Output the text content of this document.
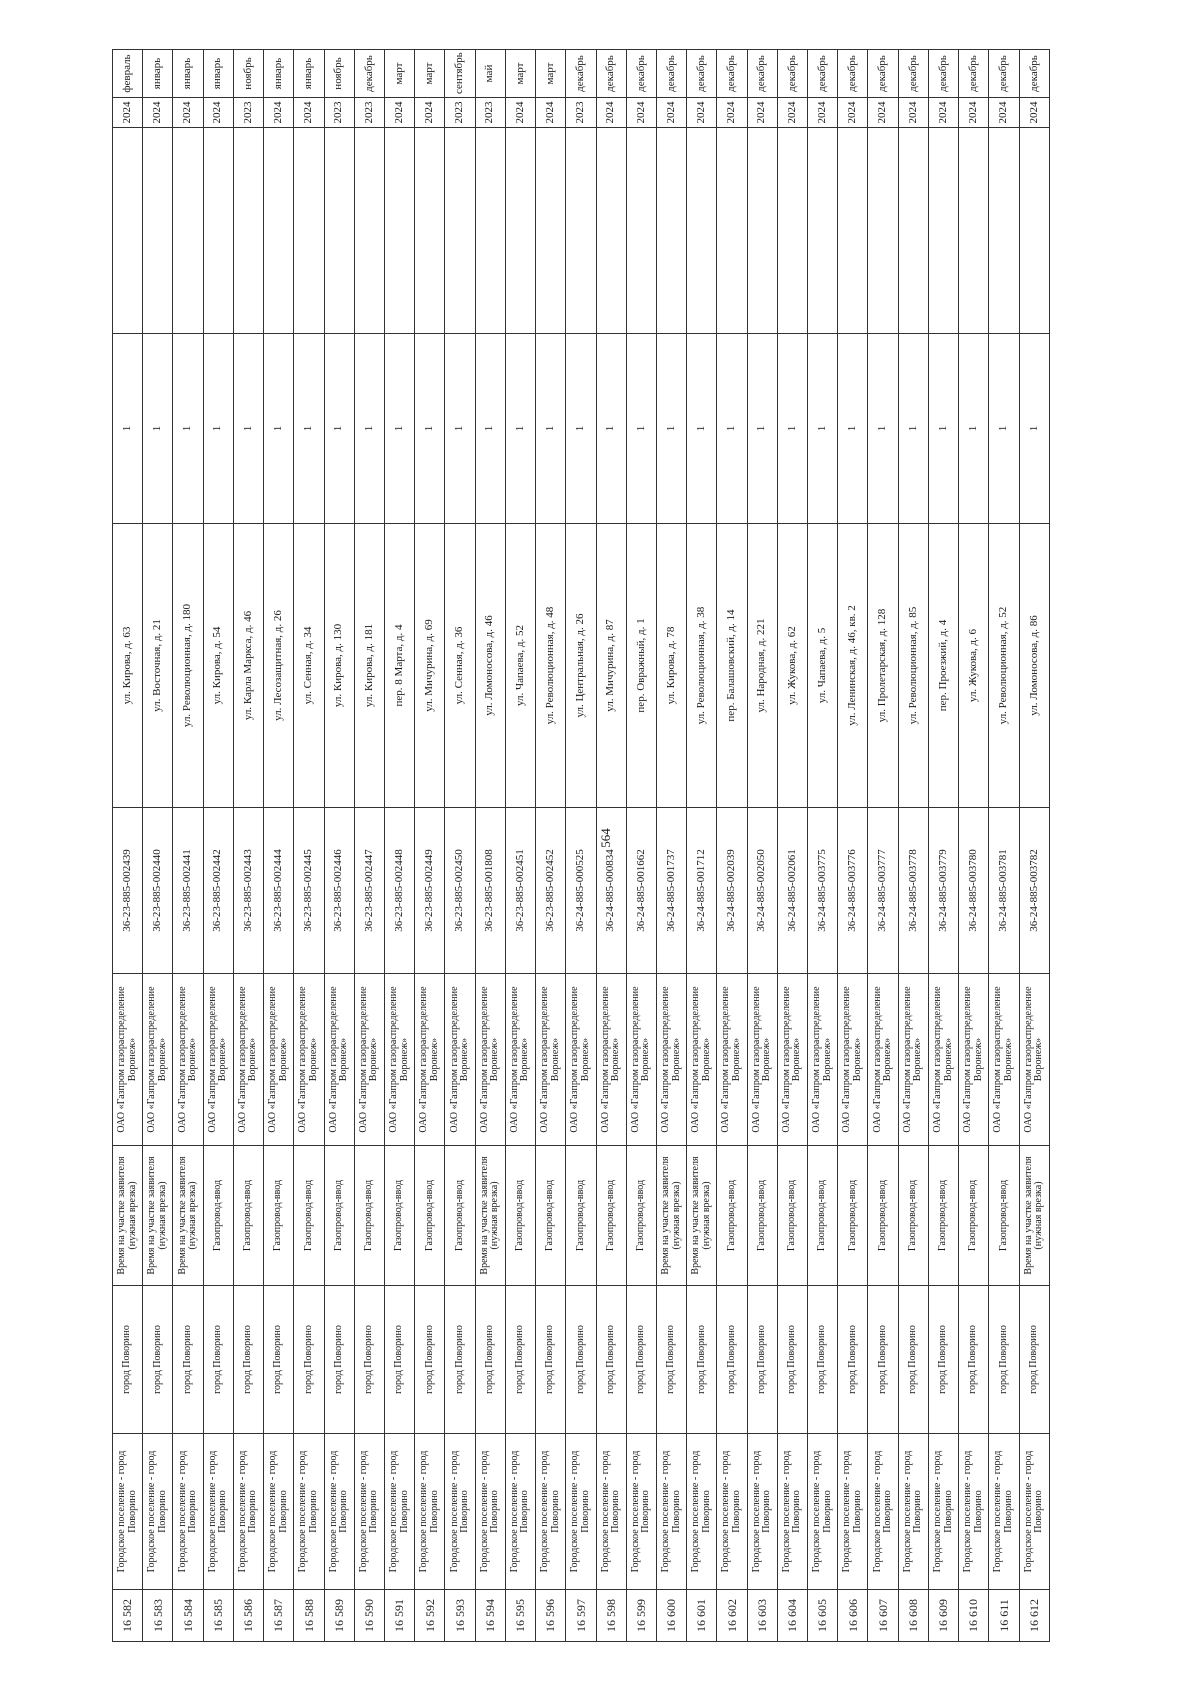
564
16 582	Городское поселение - город Поворино	город Поворино	Время на участке заявителя (нужная врезка)	ОАО «Газпром газораспределение Воронеж»	36-23-885-002439	ул. Кирова, д. 63	1		2024	февраль
16 583	Городское поселение - город Поворино	город Поворино	Время на участке заявителя (нужная врезка)	ОАО «Газпром газораспределение Воронеж»	36-23-885-002440	ул. Восточная, д. 21	1		2024	январь
16 584	Городское поселение - город Поворино	город Поворино	Время на участке заявителя (нужная врезка)	ОАО «Газпром газораспределение Воронеж»	36-23-885-002441	ул. Революционная, д. 180	1		2024	январь
16 585	Городское поселение - город Поворино	город Поворино	Газопровод-ввод	ОАО «Газпром газораспределение Воронеж»	36-23-885-002442	ул. Кирова, д. 54	1		2024	январь
16 586	Городское поселение - город Поворино	город Поворино	Газопровод-ввод	ОАО «Газпром газораспределение Воронеж»	36-23-885-002443	ул. Карла Маркса, д. 46	1		2023	ноябрь
16 587	Городское поселение - город Поворино	город Поворино	Газопровод-ввод	ОАО «Газпром газораспределение Воронеж»	36-23-885-002444	ул. Лесозащитная, д. 26	1		2024	январь
16 588	Городское поселение - город Поворино	город Поворино	Газопровод-ввод	ОАО «Газпром газораспределение Воронеж»	36-23-885-002445	ул. Сенная, д. 34	1		2024	январь
16 589	Городское поселение - город Поворино	город Поворино	Газопровод-ввод	ОАО «Газпром газораспределение Воронеж»	36-23-885-002446	ул. Кирова, д. 130	1		2023	ноябрь
16 590	Городское поселение - город Поворино	город Поворино	Газопровод-ввод	ОАО «Газпром газораспределение Воронеж»	36-23-885-002447	ул. Кирова, д. 181	1		2023	декабрь
16 591	Городское поселение - город Поворино	город Поворино	Газопровод-ввод	ОАО «Газпром газораспределение Воронеж»	36-23-885-002448	пер. 8 Марта, д. 4	1		2024	март
16 592	Городское поселение - город Поворино	город Поворино	Газопровод-ввод	ОАО «Газпром газораспределение Воронеж»	36-23-885-002449	ул. Мичурина, д. 69	1		2024	март
16 593	Городское поселение - город Поворино	город Поворино	Газопровод-ввод	ОАО «Газпром газораспределение Воронеж»	36-23-885-002450	ул. Сенная, д. 36	1		2023	сентябрь
16 594	Городское поселение - город Поворино	город Поворино	Время на участке заявителя (нужная врезка)	ОАО «Газпром газораспределение Воронеж»	36-23-885-001808	ул. Ломоносова, д. 46	1		2023	май
16 595	Городское поселение - город Поворино	город Поворино	Газопровод-ввод	ОАО «Газпром газораспределение Воронеж»	36-23-885-002451	ул. Чапаева, д. 52	1		2024	март
16 596	Городское поселение - город Поворино	город Поворино	Газопровод-ввод	ОАО «Газпром газораспределение Воронеж»	36-23-885-002452	ул. Революционная, д. 48	1		2024	март
16 597	Городское поселение - город Поворино	город Поворино	Газопровод-ввод	ОАО «Газпром газораспределение Воронеж»	36-24-885-000525	ул. Центральная, д. 26	1		2023	декабрь
16 598	Городское поселение - город Поворино	город Поворино	Газопровод-ввод	ОАО «Газпром газораспределение Воронеж»	36-24-885-000834	ул. Мичурина, д. 87	1		2024	декабрь
16 599	Городское поселение - город Поворино	город Поворино	Газопровод-ввод	ОАО «Газпром газораспределение Воронеж»	36-24-885-001662	пер. Овражный, д. 1	1		2024	декабрь
16 600	Городское поселение - город Поворино	город Поворино	Время на участке заявителя (нужная врезка)	ОАО «Газпром газораспределение Воронеж»	36-24-885-001737	ул. Кирова, д. 78	1		2024	декабрь
16 601	Городское поселение - город Поворино	город Поворино	Время на участке заявителя (нужная врезка)	ОАО «Газпром газораспределение Воронеж»	36-24-885-001712	ул. Революционная, д. 38	1		2024	декабрь
16 602	Городское поселение - город Поворино	город Поворино	Газопровод-ввод	ОАО «Газпром газораспределение Воронеж»	36-24-885-002039	пер. Балашовский, д. 14	1		2024	декабрь
16 603	Городское поселение - город Поворино	город Поворино	Газопровод-ввод	ОАО «Газпром газораспределение Воронеж»	36-24-885-002050	ул. Народная, д. 221	1		2024	декабрь
16 604	Городское поселение - город Поворино	город Поворино	Газопровод-ввод	ОАО «Газпром газораспределение Воронеж»	36-24-885-002061	ул. Жукова, д. 62	1		2024	декабрь
16 605	Городское поселение - город Поворино	город Поворино	Газопровод-ввод	ОАО «Газпром газораспределение Воронеж»	36-24-885-003775	ул. Чапаева, д. 5	1		2024	декабрь
16 606	Городское поселение - город Поворино	город Поворино	Газопровод-ввод	ОАО «Газпром газораспределение Воронеж»	36-24-885-003776	ул. Ленинская, д. 46, кв. 2	1		2024	декабрь
16 607	Городское поселение - город Поворино	город Поворино	Газопровод-ввод	ОАО «Газпром газораспределение Воронеж»	36-24-885-003777	ул. Пролетарская, д. 128	1		2024	декабрь
16 608	Городское поселение - город Поворино	город Поворино	Газопровод-ввод	ОАО «Газпром газораспределение Воронеж»	36-24-885-003778	ул. Революционная, д. 85	1		2024	декабрь
16 609	Городское поселение - город Поворино	город Поворино	Газопровод-ввод	ОАО «Газпром газораспределение Воронеж»	36-24-885-003779	пер. Проезжий, д. 4	1		2024	декабрь
16 610	Городское поселение - город Поворино	город Поворино	Газопровод-ввод	ОАО «Газпром газораспределение Воронеж»	36-24-885-003780	ул. Жукова, д. 6	1		2024	декабрь
16 611	Городское поселение - город Поворино	город Поворино	Газопровод-ввод	ОАО «Газпром газораспределение Воронеж»	36-24-885-003781	ул. Революционная, д. 52	1		2024	декабрь
16 612	Городское поселение - город Поворино	город Поворино	Время на участке заявителя (нужная врезка)	ОАО «Газпром газораспределение Воронеж»	36-24-885-003782	ул. Ломоносова, д. 86	1		2024	декабрь
